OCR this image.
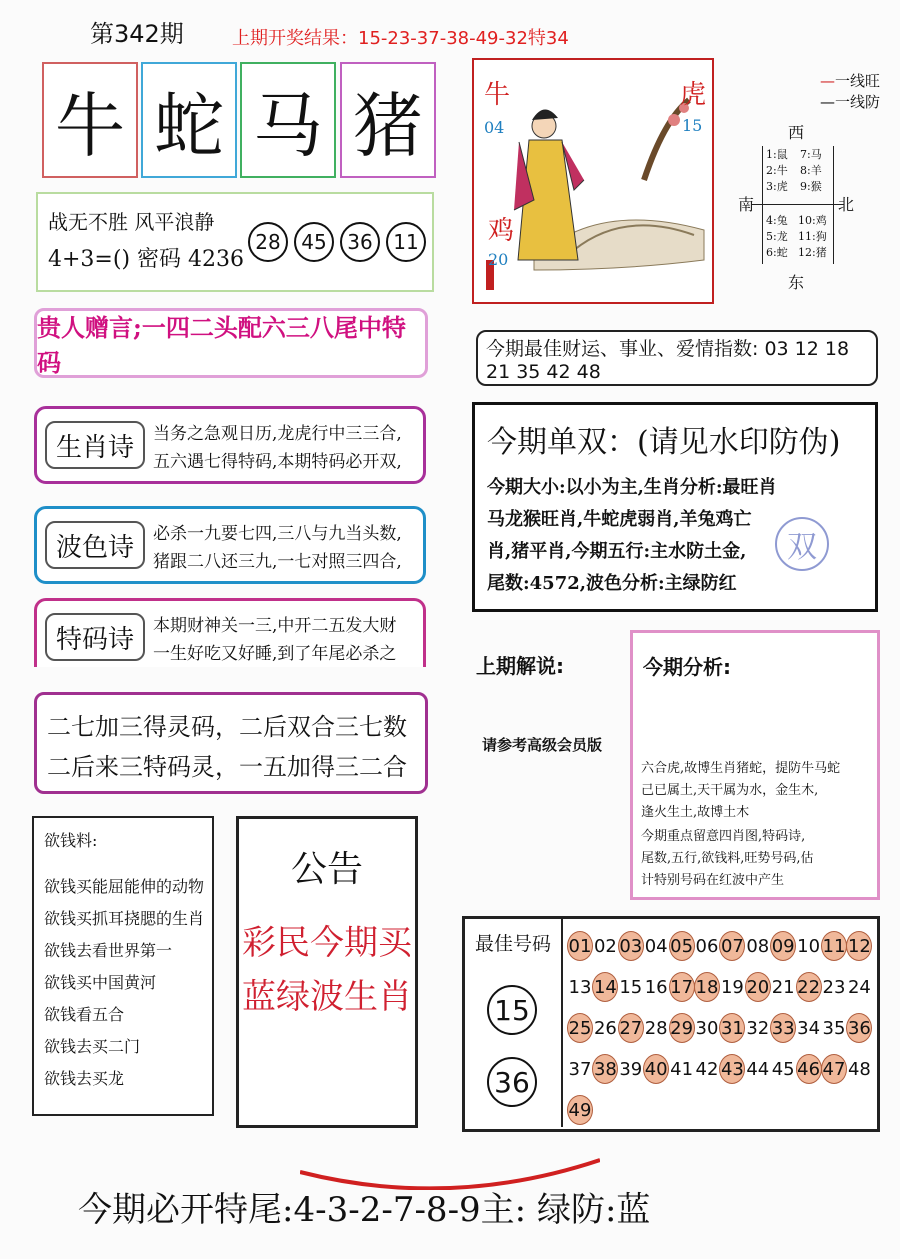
第342期	上期开奖结果：15-23-37-38-49-32特34
牛 蛇 马 猪
战无不胜 风平浪静
4+3=() 密码 4236
28	45	36	11
贵人赠言;一四二头配六三八尾中特码
生肖诗	当务之急观日历,龙虎行中三三合,
五六遇七得特码,本期特码必开双,
波色诗	必杀一九要七四,三八与九当头数,
猪跟二八还三九,一七对照三四合,
特码诗	本期财神关一三,中开二五发大财
一生好吃又好睡,到了年尾必杀之
二七加三得灵码，二后双合三七数
二后来三特码灵，一五加得三二合
欲钱料:
欲钱买能屈能伸的动物
欲钱买抓耳挠腮的生肖
欲钱去看世界第一
欲钱买中国黄河
欲钱看五合
欲钱去买二门
欲钱去买龙
公告
彩民今期买
蓝绿波生肖
牛
04
虎
15
鸡
20
—一线旺
—一线防
西
南	北
东
1:鼠 7:马
2:牛 8:羊
3:虎 9:猴
4:兔 10:鸡
5:龙 11:狗
6:蛇 12:猪
今期最佳财运、事业、爱情指数: 03 12 18 21 35 42 48
今期单双：(请见水印防伪)
今期大小:以小为主,生肖分析:最旺肖
马龙猴旺肖,牛蛇虎弱肖,羊兔鸡亡
肖,猪平肖,今期五行:主水防土金,
尾数:4572,波色分析:主绿防红
双
上期解说:
请参考高级会员版
今期分析:
六合虎,故博生肖猪蛇，提防牛马蛇
己已属土,天干属为水，金生木,
逢火生土,故博土木
今期重点留意四肖图,特码诗,
尾数,五行,欲钱料,旺势号码,估
计特别号码在红波中产生
最佳号码
15
36
01 02 03 04 05 06 07 08 09 10 11 12
13 14 15 16 17 18 19 20 21 22 23 24
25 26 27 28 29 30 31 32 33 34 35 36
37 38 39 40 41 42 43 44 45 46 47 48
49
今期必开特尾:4-3-2-7-8-9主: 绿防:蓝
